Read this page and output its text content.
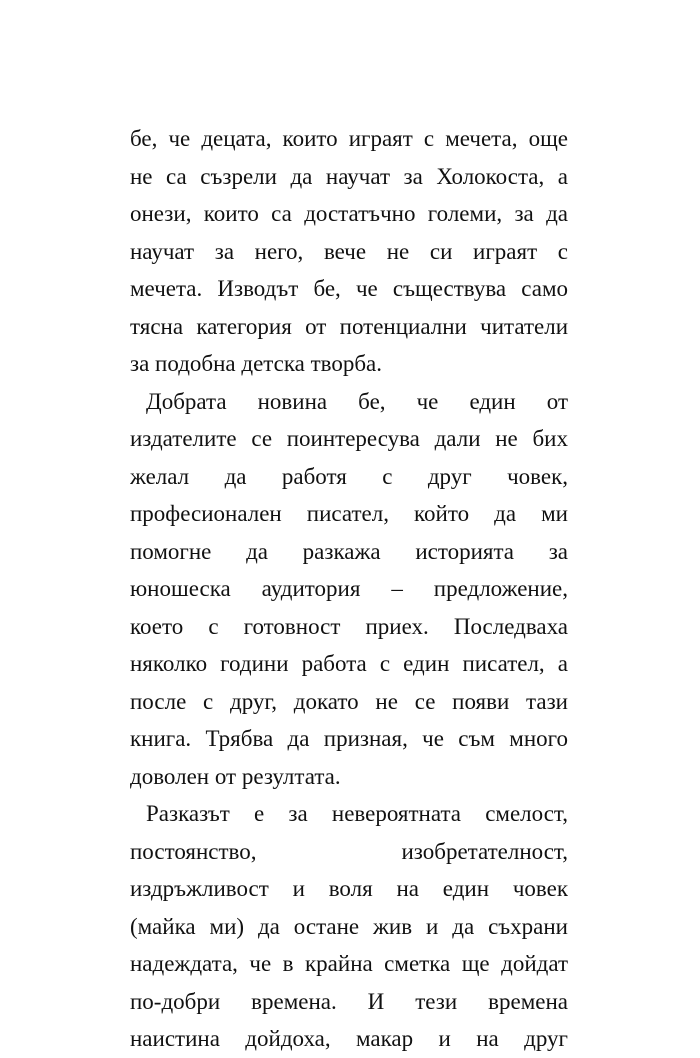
бе, че децата, които играят с мечета, още
не са съзрели да научат за Холокоста, а
онези, които са достатъчно големи, за да
научат за него, вече не си играят с
мечета. Изводът бе, че съществува само
тясна категория от потенциални читатели
за подобна детска творба.
Добрата новина бе, че един от
издателите се поинтересува дали не бих
желал да работя с друг човек,
професионален писател, който да ми
помогне да разкажа историята за
юношеска аудитория – предложение,
което с готовност приех. Последваха
няколко години работа с един писател, а
после с друг, докато не се появи тази
книга. Трябва да призная, че съм много
доволен от резултата.
Разказът е за невероятната смелост,
постоянство, изобретателност,
издръжливост и воля на един човек
(майка ми) да остане жив и да съхрани
надеждата, че в крайна сметка ще дойдат
по-добри времена. И тези времена
наистина дойдоха, макар и на друг
